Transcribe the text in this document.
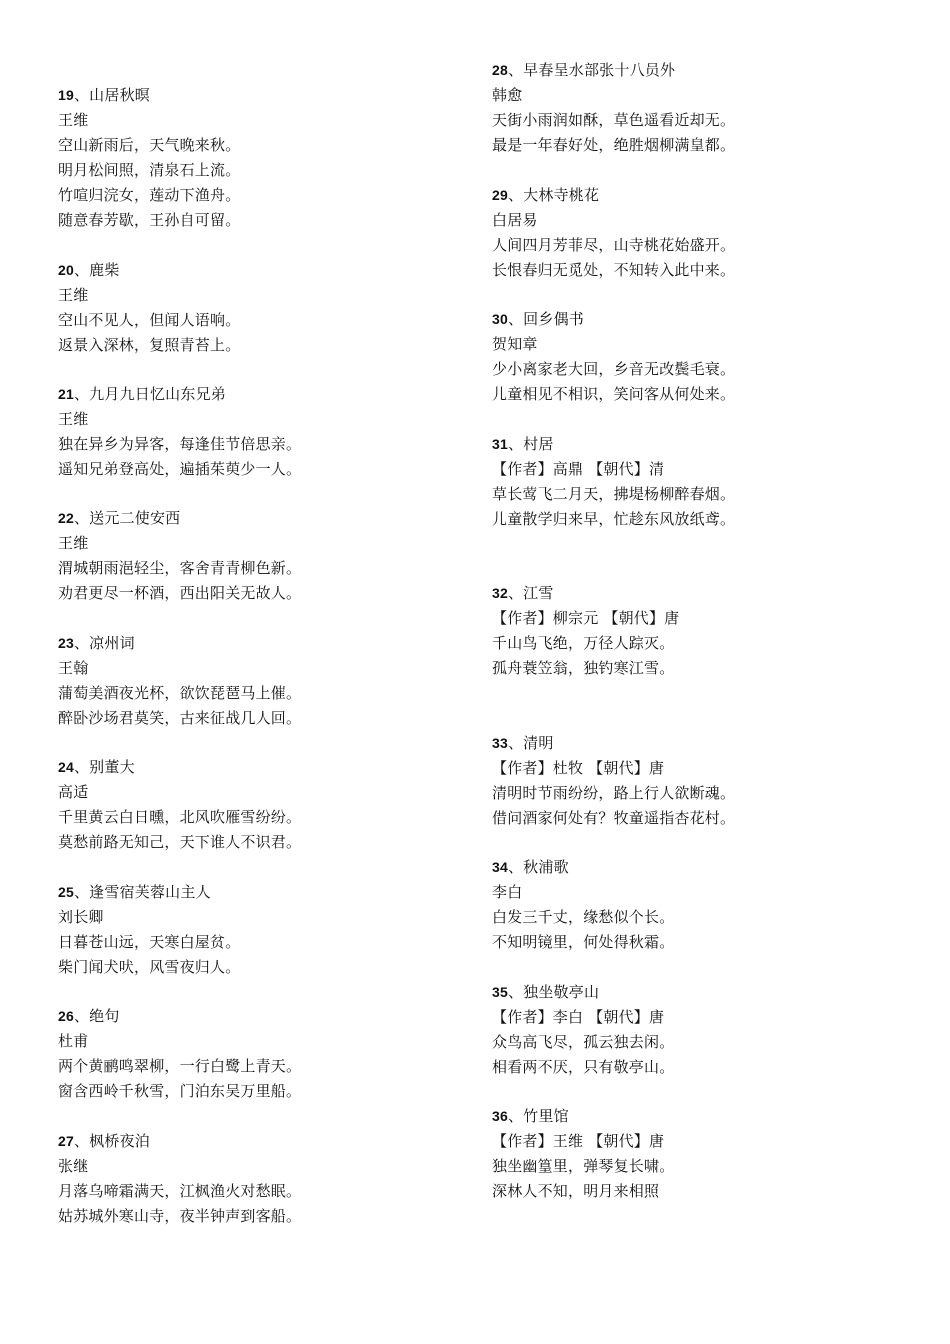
19、山居秋暝
王维
空山新雨后，天气晚来秋。
明月松间照，清泉石上流。
竹喧归浣女，莲动下渔舟。
随意春芳歇，王孙自可留。
20、鹿柴
王维
空山不见人，但闻人语响。
返景入深林，复照青苔上。
21、九月九日忆山东兄弟
王维
独在异乡为异客，每逢佳节倍思亲。
遥知兄弟登高处，遍插茱萸少一人。
22、送元二使安西
王维
渭城朝雨浥轻尘，客舍青青柳色新。
劝君更尽一杯酒，西出阳关无故人。
23、凉州词
王翰
蒲萄美酒夜光杯，欲饮琵琶马上催。
醉卧沙场君莫笑，古来征战几人回。
24、别董大
高适
千里黄云白日曛，北风吹雁雪纷纷。
莫愁前路无知己，天下谁人不识君。
25、逢雪宿芙蓉山主人
刘长卿
日暮苍山远，天寒白屋贫。
柴门闻犬吠，风雪夜归人。
26、绝句
杜甫
两个黄鹂鸣翠柳，一行白鹭上青天。
窗含西岭千秋雪，门泊东吴万里船。
27、枫桥夜泊
张继
月落乌啼霜满天，江枫渔火对愁眠。
姑苏城外寒山寺，夜半钟声到客船。
28、早春呈水部张十八员外
韩愈
天街小雨润如酥，草色遥看近却无。
最是一年春好处，绝胜烟柳满皇都。
29、大林寺桃花
白居易
人间四月芳菲尽，山寺桃花始盛开。
长恨春归无觅处，不知转入此中来。
30、回乡偶书
贺知章
少小离家老大回，乡音无改鬓毛衰。
儿童相见不相识，笑问客从何处来。
31、村居
【作者】高鼎 【朝代】清
草长莺飞二月天，拂堤杨柳醉春烟。
儿童散学归来早，忙趁东风放纸鸢。
32、江雪
【作者】柳宗元 【朝代】唐
千山鸟飞绝，万径人踪灭。
孤舟蓑笠翁，独钓寒江雪。
33、清明
【作者】杜牧 【朝代】唐
清明时节雨纷纷，路上行人欲断魂。
借问酒家何处有？牧童遥指杏花村。
34、秋浦歌
李白
白发三千丈，缘愁似个长。
不知明镜里，何处得秋霜。
35、独坐敬亭山
【作者】李白 【朝代】唐
众鸟高飞尽，孤云独去闲。
相看两不厌，只有敬亭山。
36、竹里馆
【作者】王维 【朝代】唐
独坐幽篁里，弹琴复长啸。
深林人不知，明月来相照
